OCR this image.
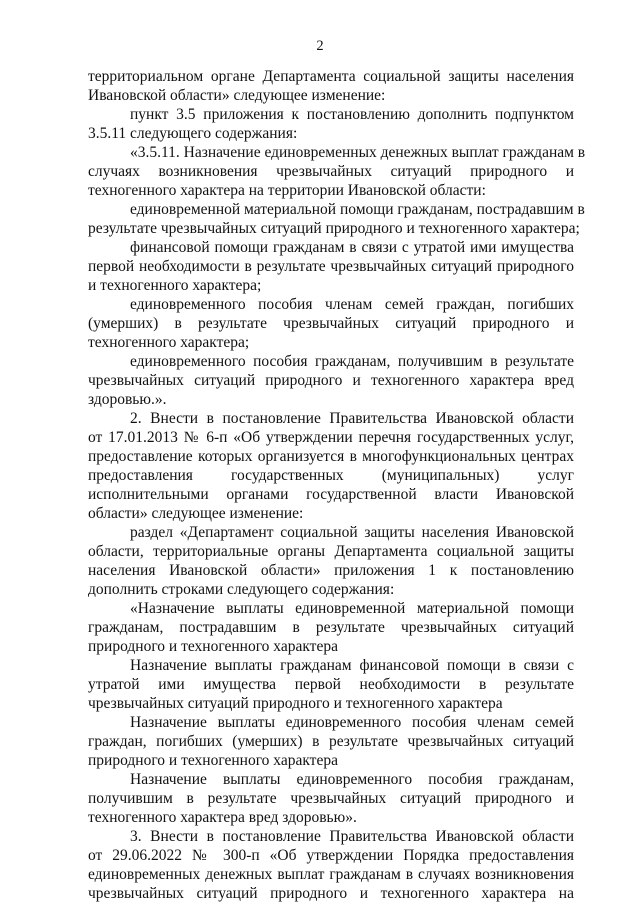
2
территориальном органе Департамента социальной защиты населения
Ивановской области» следующее изменение:
пункт 3.5 приложения к постановлению дополнить подпунктом
3.5.11 следующего содержания:
«3.5.11. Назначение единовременных денежных выплат гражданам в
случаях возникновения чрезвычайных ситуаций природного и
техногенного характера на территории Ивановской области:
единовременной материальной помощи гражданам, пострадавшим в
результате чрезвычайных ситуаций природного и техногенного характера;
финансовой помощи гражданам в связи с утратой ими имущества
первой необходимости в результате чрезвычайных ситуаций природного
и техногенного характера;
единовременного пособия членам семей граждан, погибших
(умерших) в результате чрезвычайных ситуаций природного и
техногенного характера;
единовременного пособия гражданам, получившим в результате
чрезвычайных ситуаций природного и техногенного характера вред
здоровью.».
2. Внести в постановление Правительства Ивановской области
от 17.01.2013 № 6-п «Об утверждении перечня государственных услуг,
предоставление которых организуется в многофункциональных центрах
предоставления государственных (муниципальных) услуг
исполнительными органами государственной власти Ивановской
области» следующее изменение:
раздел «Департамент социальной защиты населения Ивановской
области, территориальные органы Департамента социальной защиты
населения Ивановской области» приложения 1 к постановлению
дополнить строками следующего содержания:
«Назначение выплаты единовременной материальной помощи
гражданам, пострадавшим в результате чрезвычайных ситуаций
природного и техногенного характера
Назначение выплаты гражданам финансовой помощи в связи с
утратой ими имущества первой необходимости в результате
чрезвычайных ситуаций природного и техногенного характера
Назначение выплаты единовременного пособия членам семей
граждан, погибших (умерших) в результате чрезвычайных ситуаций
природного и техногенного характера
Назначение выплаты единовременного пособия гражданам,
получившим в результате чрезвычайных ситуаций природного и
техногенного характера вред здоровью».
3. Внести в постановление Правительства Ивановской области
от 29.06.2022 № 300-п «Об утверждении Порядка предоставления
единовременных денежных выплат гражданам в случаях возникновения
чрезвычайных ситуаций природного и техногенного характера на
